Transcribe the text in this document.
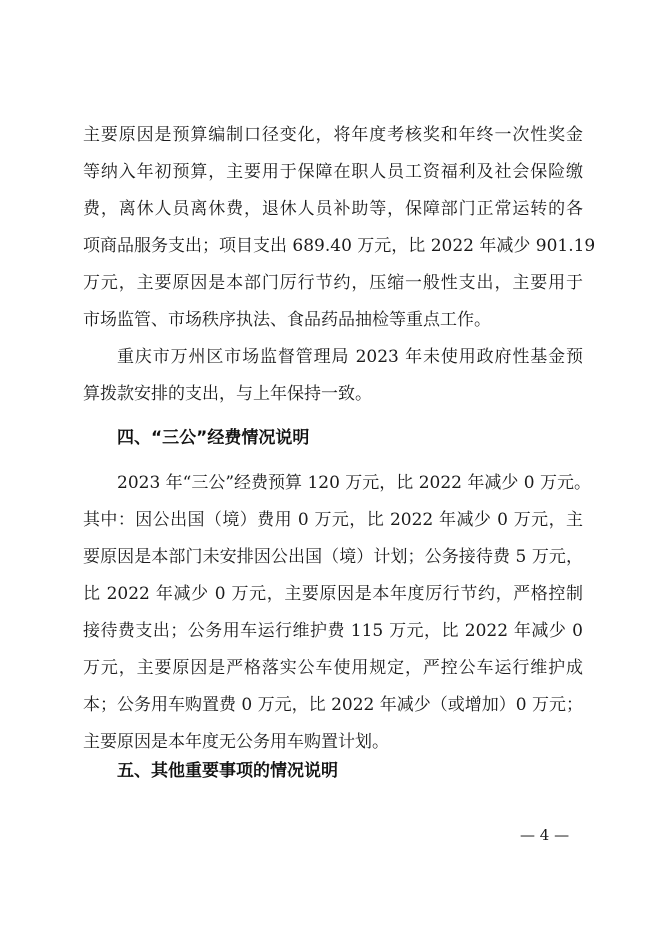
主要原因是预算编制口径变化，将年度考核奖和年终一次性奖金
等纳入年初预算，主要用于保障在职人员工资福利及社会保险缴
费，离休人员离休费，退休人员补助等，保障部门正常运转的各
项商品服务支出；项目支出 689.40 万元，比 2022 年减少 901.19
万元，主要原因是本部门厉行节约，压缩一般性支出，主要用于
市场监管、市场秩序执法、食品药品抽检等重点工作。
重庆市万州区市场监督管理局 2023 年未使用政府性基金预
算拨款安排的支出，与上年保持一致。
四、“三公”经费情况说明
2023 年“三公”经费预算 120 万元，比 2022 年减少 0 万元。
其中：因公出国（境）费用 0 万元，比 2022 年减少 0 万元，主
要原因是本部门未安排因公出国（境）计划；公务接待费 5 万元，
比 2022 年减少 0 万元，主要原因是本年度厉行节约，严格控制
接待费支出；公务用车运行维护费 115 万元，比 2022 年减少 0
万元，主要原因是严格落实公车使用规定，严控公车运行维护成
本；公务用车购置费 0 万元，比 2022 年减少（或增加）0 万元；
主要原因是本年度无公务用车购置计划。
五、其他重要事项的情况说明
— 4 —
